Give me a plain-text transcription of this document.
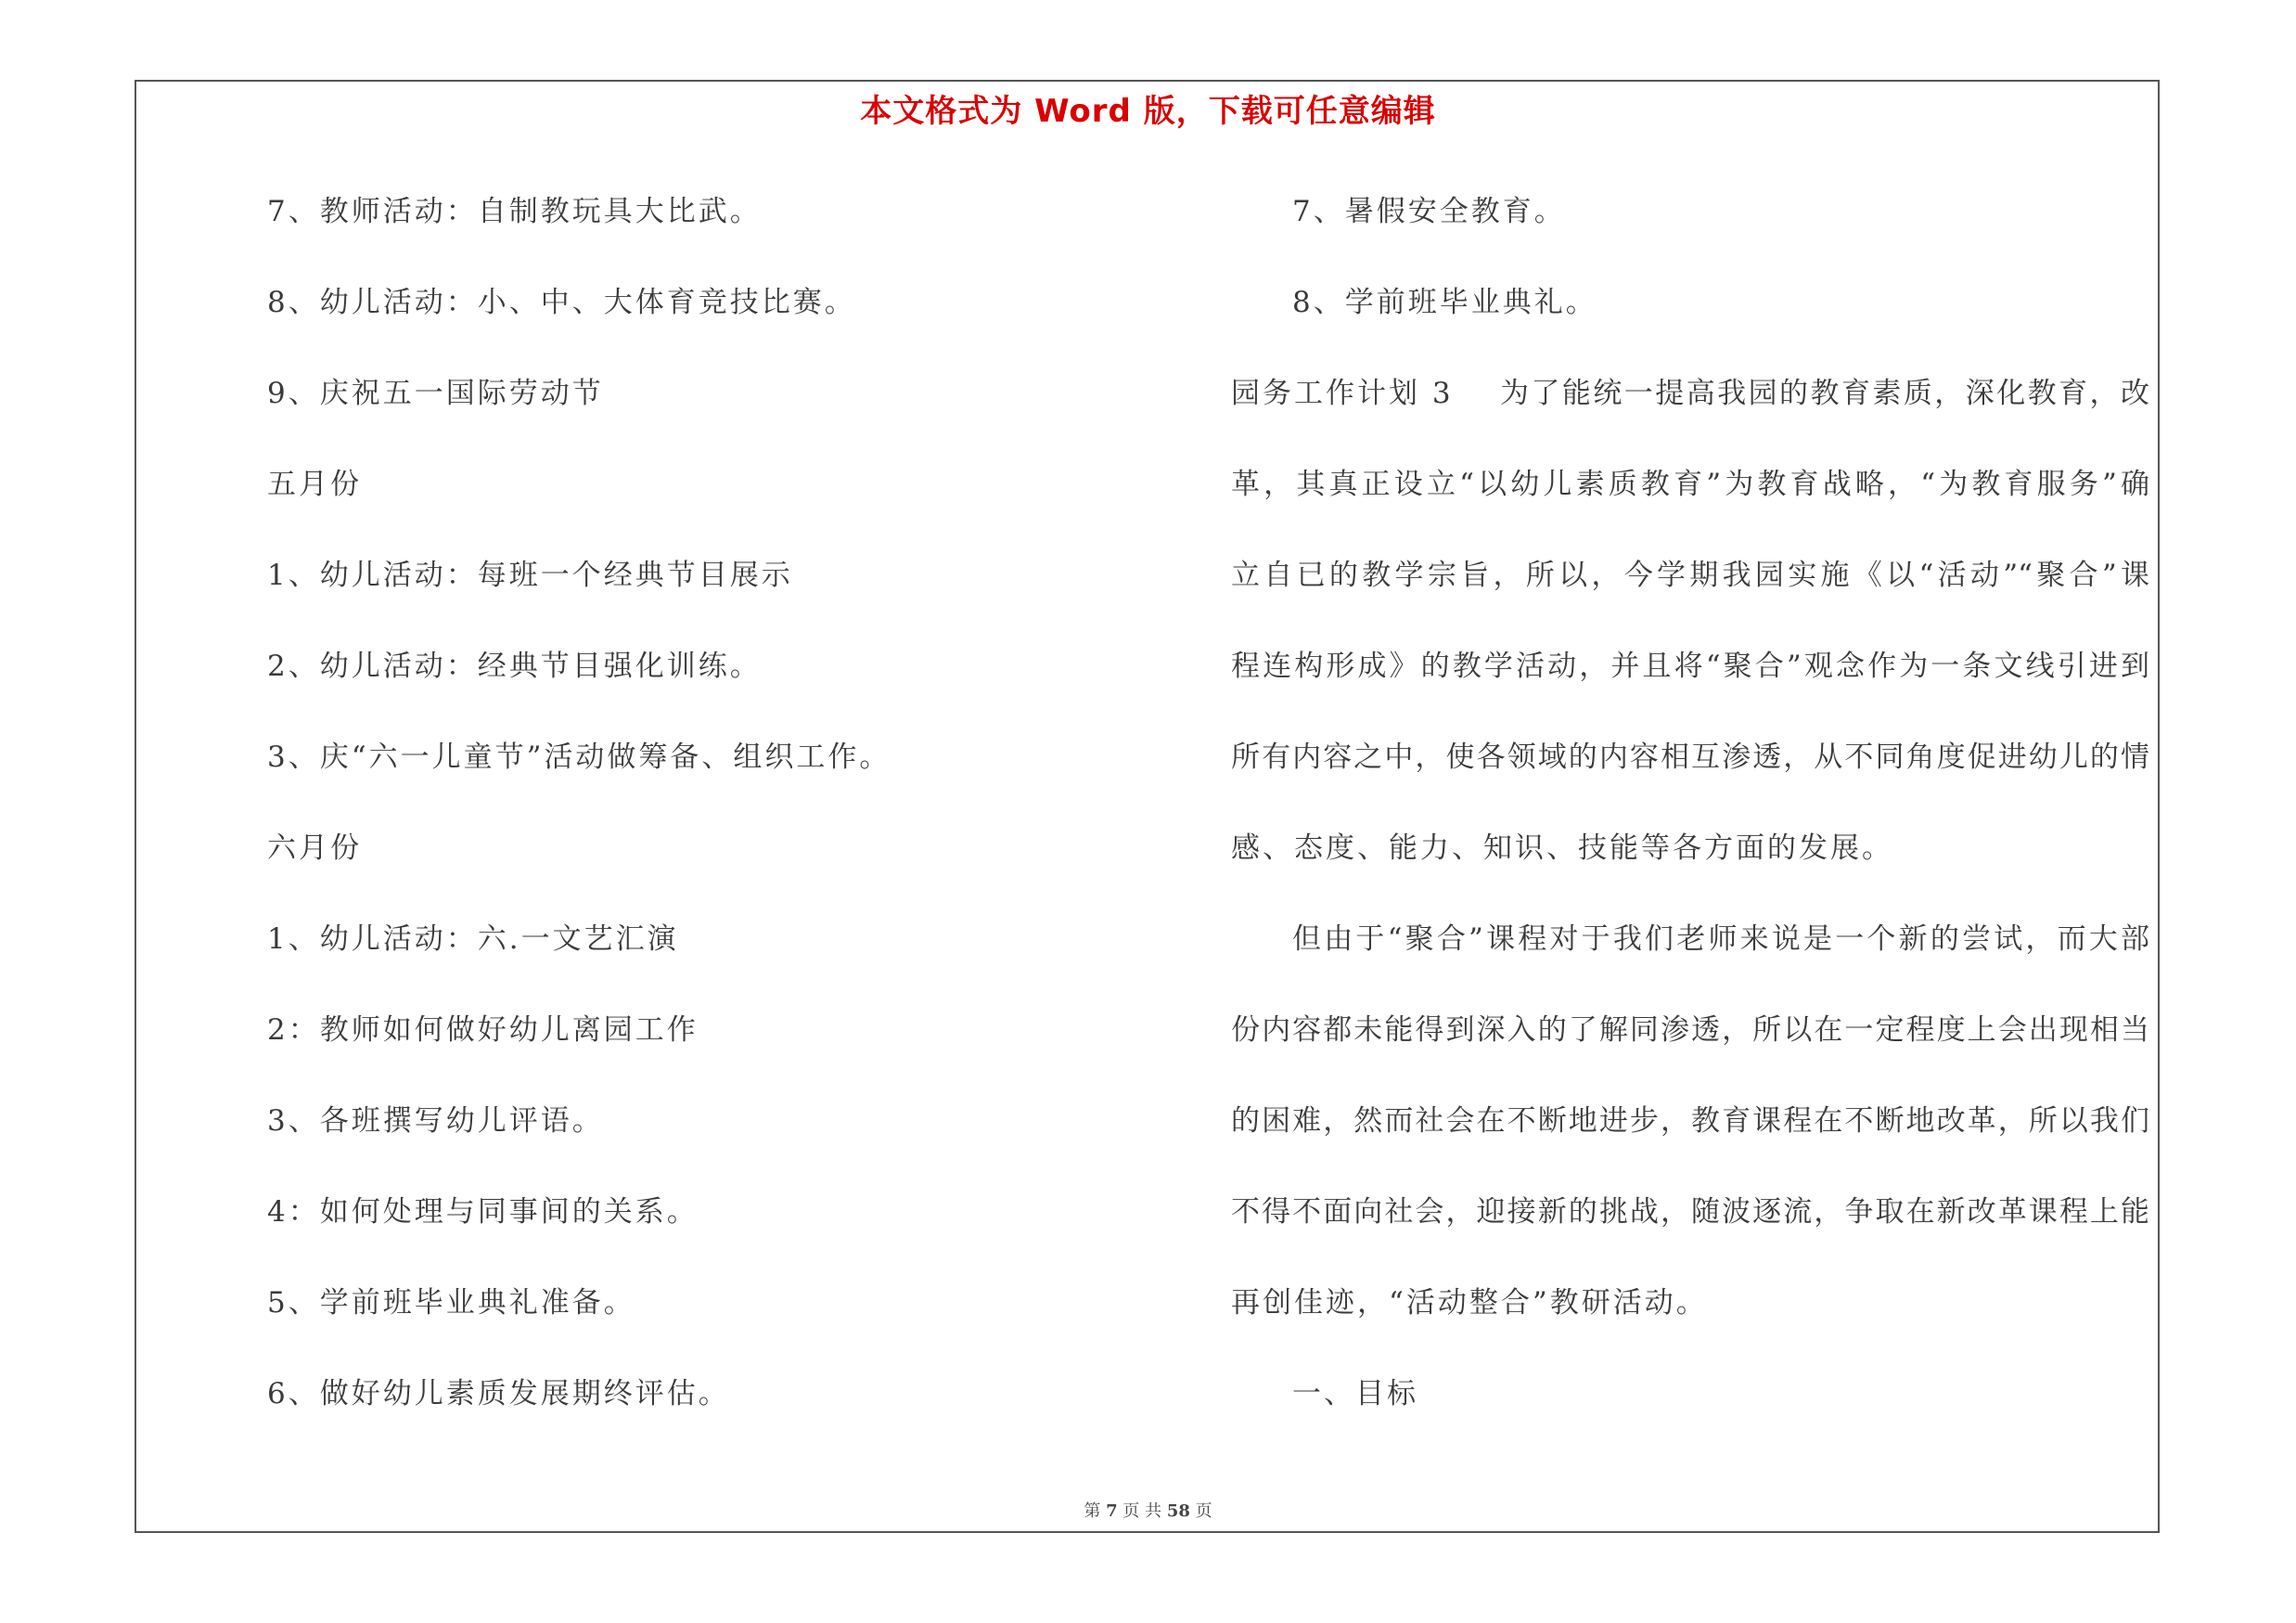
本文格式为 Word 版，下载可任意编辑
7、教师活动：自制教玩具大比武。
8、幼儿活动：小、中、大体育竞技比赛。
9、庆祝五一国际劳动节
五月份
1、幼儿活动：每班一个经典节目展示
2、幼儿活动：经典节目强化训练。
3、庆“六一儿童节”活动做筹备、组织工作。
六月份
1、幼儿活动：六.一文艺汇演
2：教师如何做好幼儿离园工作
3、各班撰写幼儿评语。
4：如何处理与同事间的关系。
5、学前班毕业典礼准备。
6、做好幼儿素质发展期终评估。
7、暑假安全教育。
8、学前班毕业典礼。
园务工作计划 3 为了能统一提高我园的教育素质，深化教育，改
革，其真正设立“以幼儿素质教育”为教育战略，“为教育服务”确
立自已的教学宗旨，所以，今学期我园实施《以“活动”“聚合”课
程连构形成》的教学活动，并且将“聚合”观念作为一条文线引进到
所有内容之中，使各领域的内容相互渗透，从不同角度促进幼儿的情
感、态度、能力、知识、技能等各方面的发展。
但由于“聚合”课程对于我们老师来说是一个新的尝试，而大部
份内容都未能得到深入的了解同渗透，所以在一定程度上会出现相当
的困难，然而社会在不断地进步，教育课程在不断地改革，所以我们
不得不面向社会，迎接新的挑战，随波逐流，争取在新改革课程上能
再创佳迹，“活动整合”教研活动。
一、目标
第 7 页 共 58 页
